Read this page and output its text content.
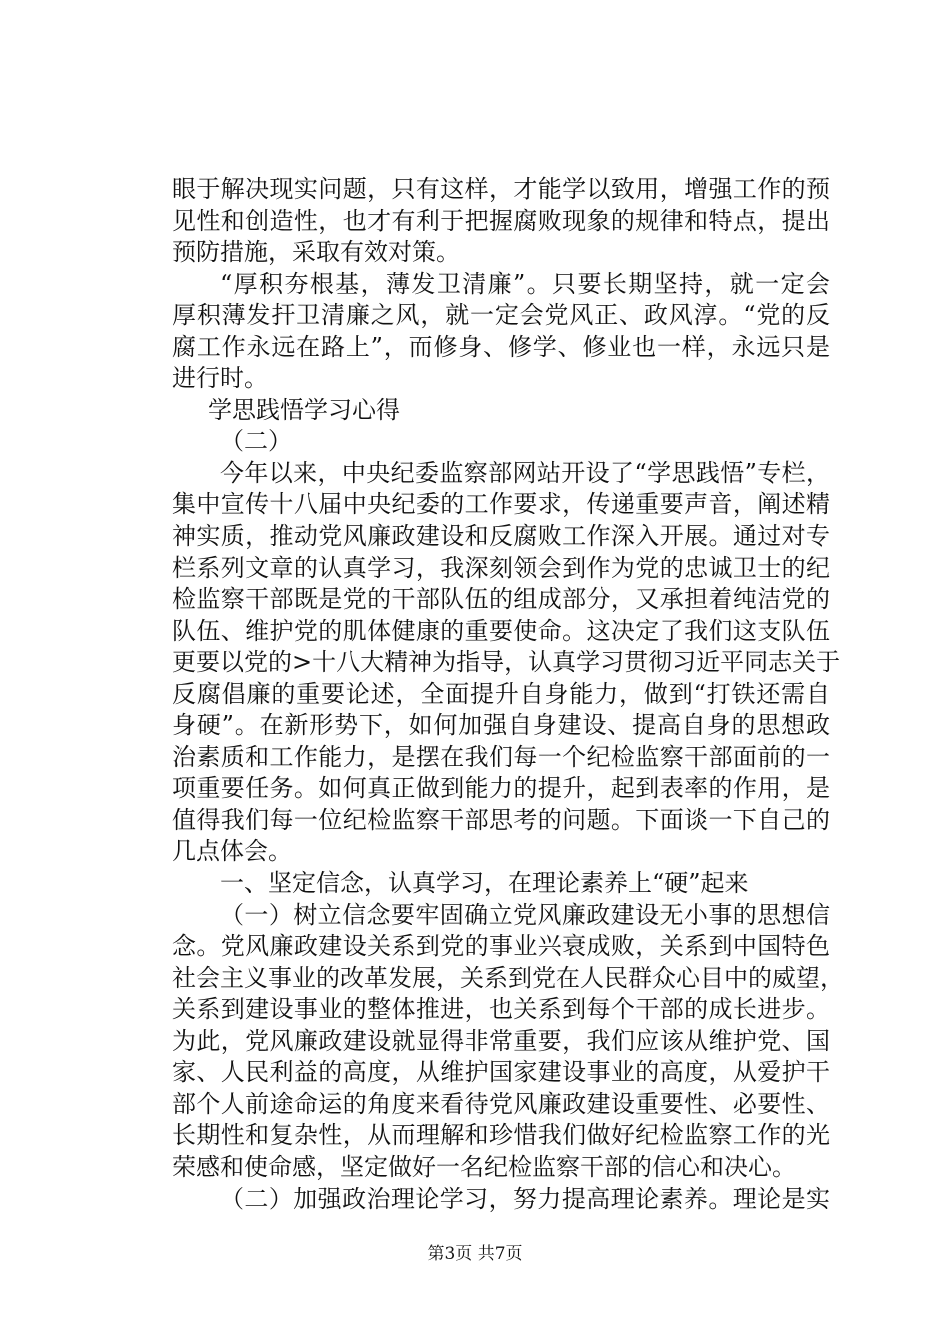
眼于解决现实问题，只有这样，才能学以致用，增强工作的预
见性和创造性，也才有利于把握腐败现象的规律和特点，提出
预防措施，采取有效对策。
“厚积夯根基，薄发卫清廉”。只要长期坚持，就一定会
厚积薄发扞卫清廉之风，就一定会党风正、政风淳。“党的反
腐工作永远在路上”，而修身、修学、修业也一样，永远只是
进行时。
学思践悟学习心得
（二）
今年以来，中央纪委监察部网站开设了“学思践悟”专栏，
集中宣传十八届中央纪委的工作要求，传递重要声音，阐述精
神实质，推动党风廉政建设和反腐败工作深入开展。通过对专
栏系列文章的认真学习，我深刻领会到作为党的忠诚卫士的纪
检监察干部既是党的干部队伍的组成部分，又承担着纯洁党的
队伍、维护党的肌体健康的重要使命。这决定了我们这支队伍
更要以党的>十八大精神为指导，认真学习贯彻习近平同志关于
反腐倡廉的重要论述，全面提升自身能力，做到“打铁还需自
身硬”。在新形势下，如何加强自身建设、提高自身的思想政
治素质和工作能力，是摆在我们每一个纪检监察干部面前的一
项重要任务。如何真正做到能力的提升，起到表率的作用，是
值得我们每一位纪检监察干部思考的问题。下面谈一下自己的
几点体会。
一、坚定信念，认真学习，在理论素养上“硬”起来
（一）树立信念要牢固确立党风廉政建设无小事的思想信
念。党风廉政建设关系到党的事业兴衰成败，关系到中国特色
社会主义事业的改革发展，关系到党在人民群众心目中的威望，
关系到建设事业的整体推进，也关系到每个干部的成长进步。
为此，党风廉政建设就显得非常重要，我们应该从维护党、国
家、人民利益的高度，从维护国家建设事业的高度，从爱护干
部个人前途命运的角度来看待党风廉政建设重要性、必要性、
长期性和复杂性，从而理解和珍惜我们做好纪检监察工作的光
荣感和使命感，坚定做好一名纪检监察干部的信心和决心。
（二）加强政治理论学习，努力提高理论素养。理论是实
第3页 共7页
